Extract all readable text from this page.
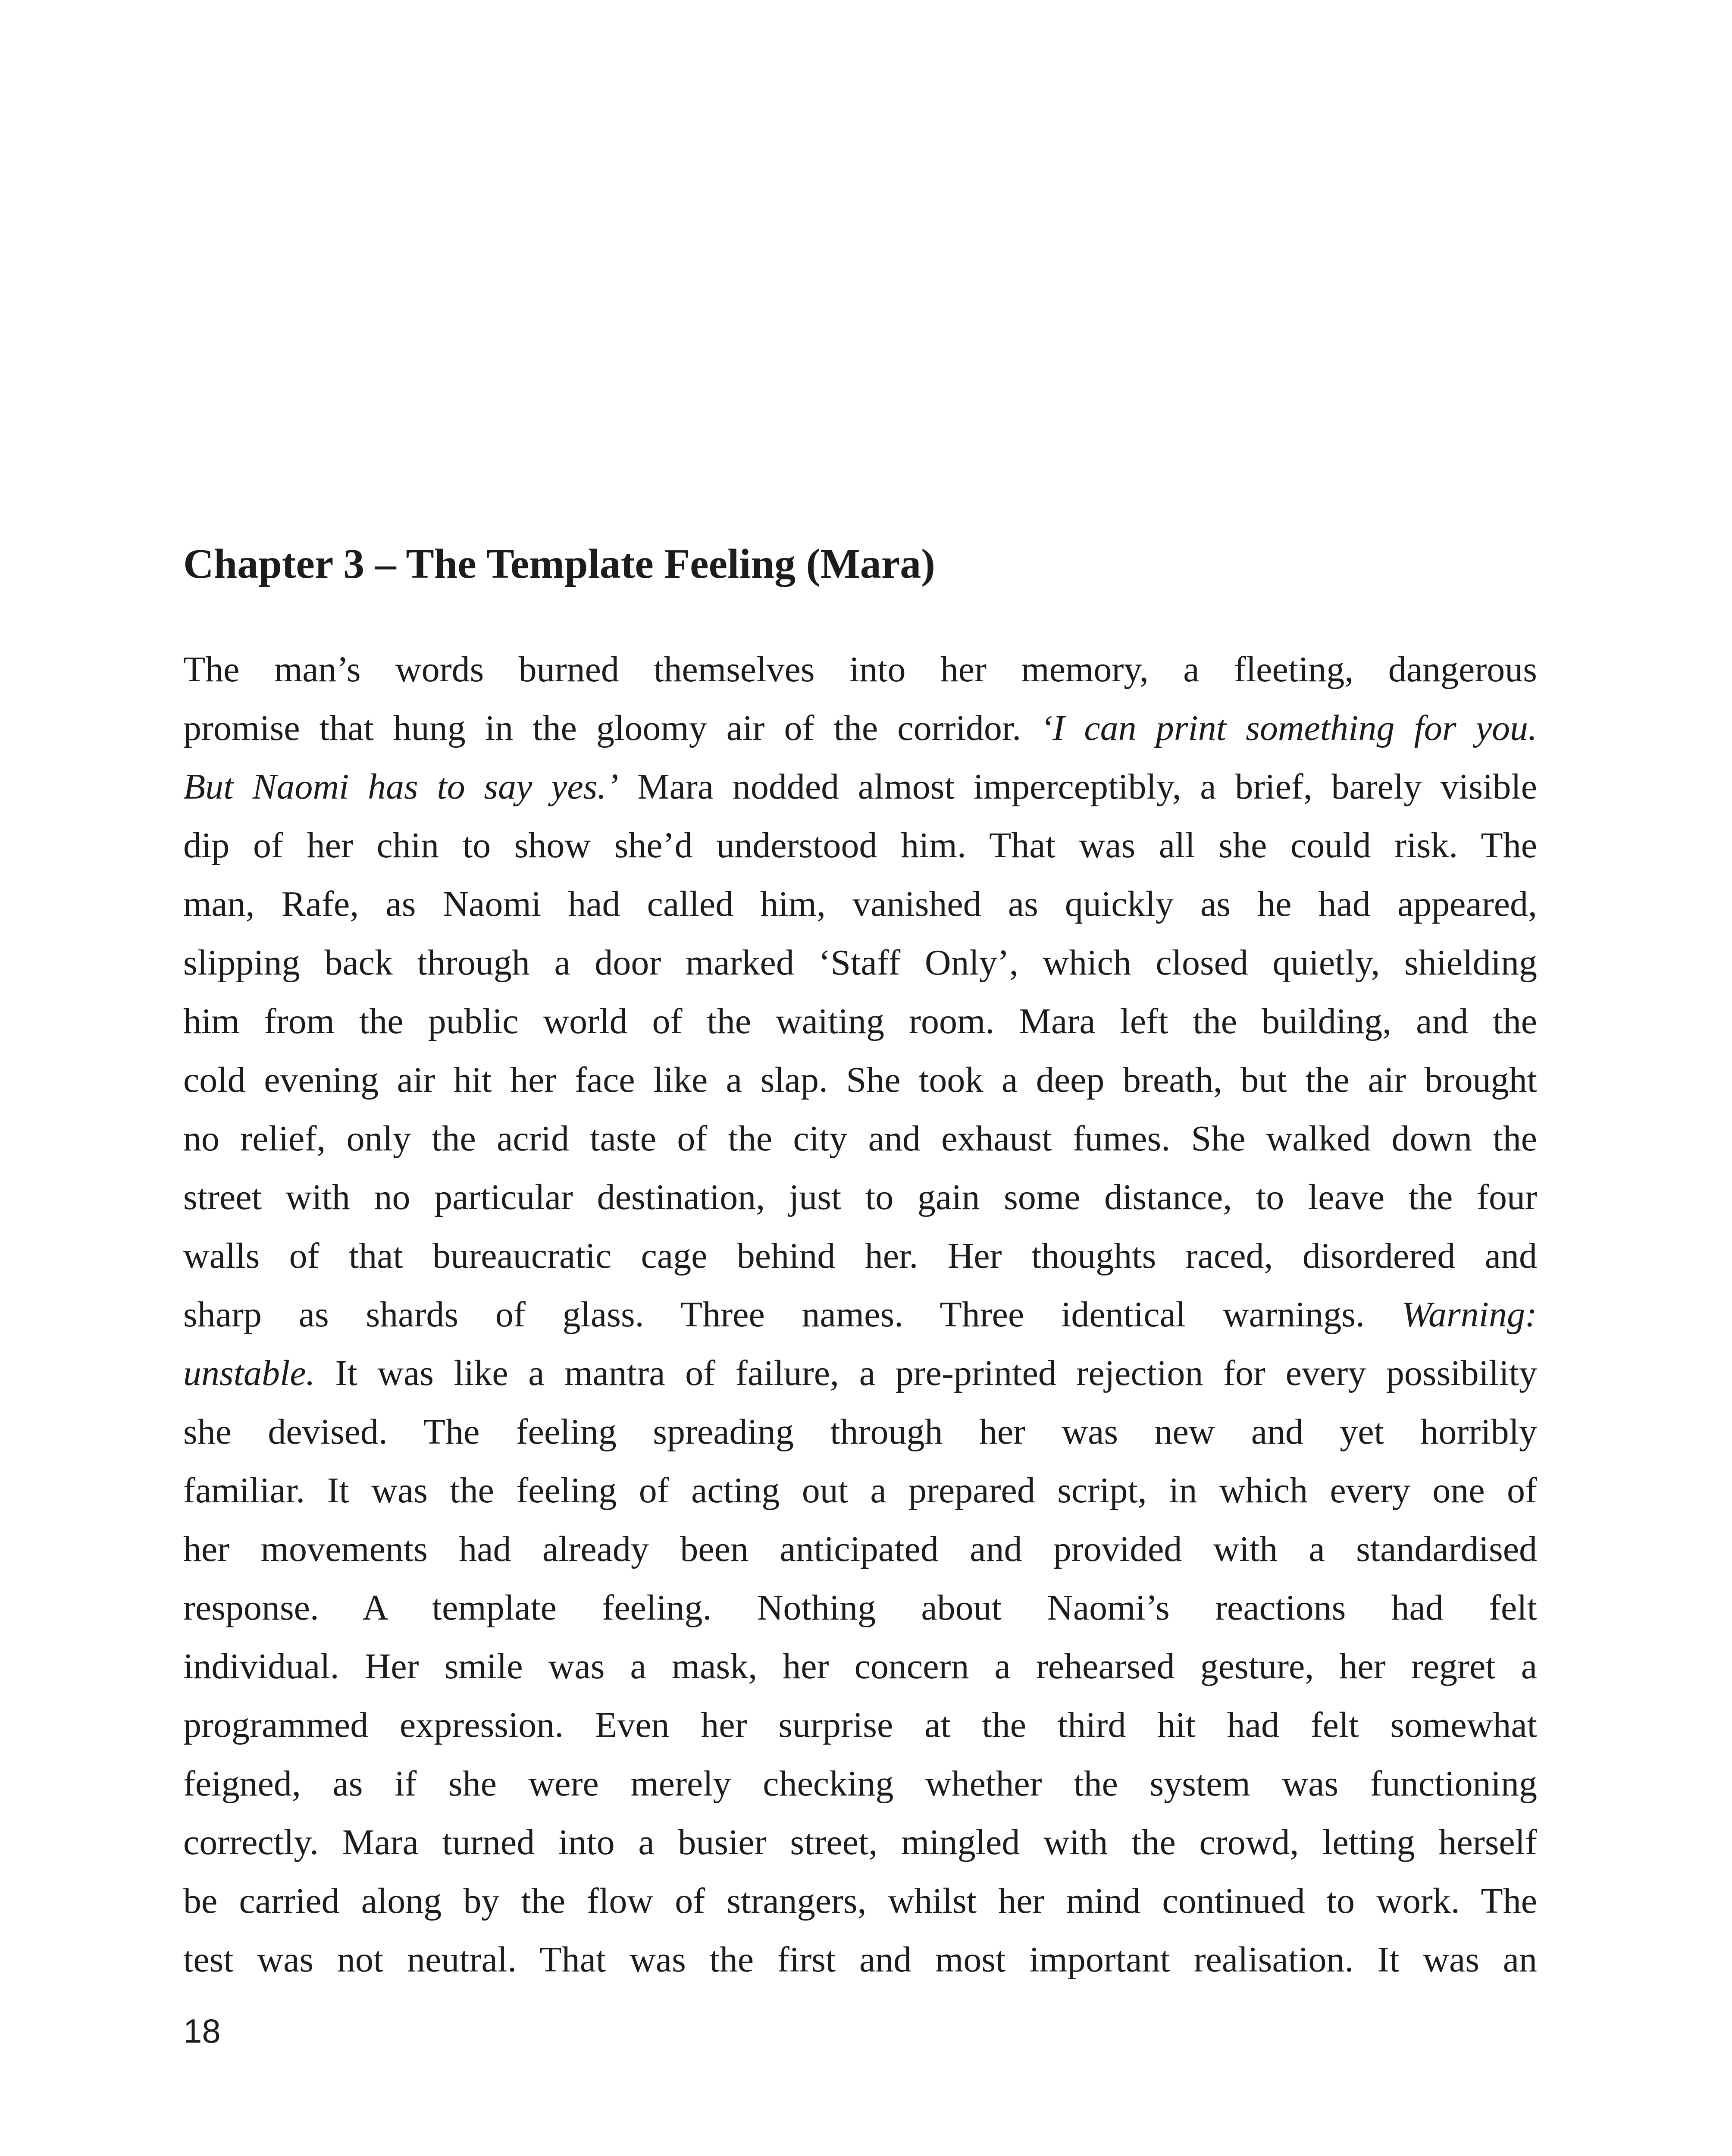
Chapter 3 – The Template Feeling (Mara)
The man’s words burned themselves into her memory, a fleeting, dangerous
promise that hung in the gloomy air of the corridor. ‘I can print something for you.
But Naomi has to say yes.’ Mara nodded almost imperceptibly, a brief, barely visible
dip of her chin to show she’d understood him. That was all she could risk. The
man, Rafe, as Naomi had called him, vanished as quickly as he had appeared,
slipping back through a door marked ‘Staff Only’, which closed quietly, shielding
him from the public world of the waiting room. Mara left the building, and the
cold evening air hit her face like a slap. She took a deep breath, but the air brought
no relief, only the acrid taste of the city and exhaust fumes. She walked down the
street with no particular destination, just to gain some distance, to leave the four
walls of that bureaucratic cage behind her. Her thoughts raced, disordered and
sharp as shards of glass. Three names. Three identical warnings. Warning:
unstable. It was like a mantra of failure, a pre-printed rejection for every possibility
she devised. The feeling spreading through her was new and yet horribly
familiar. It was the feeling of acting out a prepared script, in which every one of
her movements had already been anticipated and provided with a standardised
response. A template feeling. Nothing about Naomi’s reactions had felt
individual. Her smile was a mask, her concern a rehearsed gesture, her regret a
programmed expression. Even her surprise at the third hit had felt somewhat
feigned, as if she were merely checking whether the system was functioning
correctly. Mara turned into a busier street, mingled with the crowd, letting herself
be carried along by the flow of strangers, whilst her mind continued to work. The
test was not neutral. That was the first and most important realisation. It was an
18
